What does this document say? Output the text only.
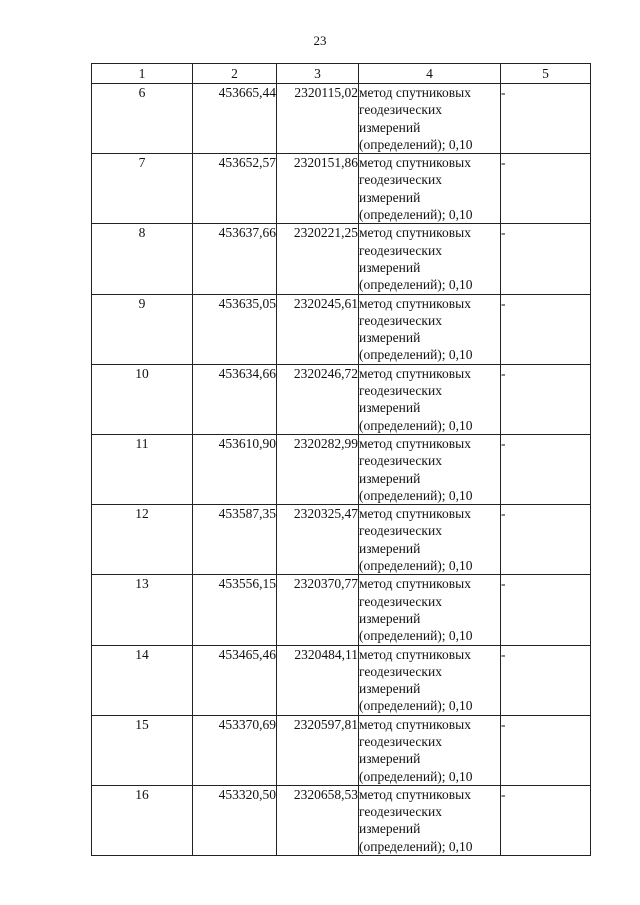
23
1	2	3	4	5
6	453665,44	2320115,02	метод спутниковых
геодезических
измерений
(определений); 0,10	-
7	453652,57	2320151,86	метод спутниковых
геодезических
измерений
(определений); 0,10	-
8	453637,66	2320221,25	метод спутниковых
геодезических
измерений
(определений); 0,10	-
9	453635,05	2320245,61	метод спутниковых
геодезических
измерений
(определений); 0,10	-
10	453634,66	2320246,72	метод спутниковых
геодезических
измерений
(определений); 0,10	-
11	453610,90	2320282,99	метод спутниковых
геодезических
измерений
(определений); 0,10	-
12	453587,35	2320325,47	метод спутниковых
геодезических
измерений
(определений); 0,10	-
13	453556,15	2320370,77	метод спутниковых
геодезических
измерений
(определений); 0,10	-
14	453465,46	2320484,11	метод спутниковых
геодезических
измерений
(определений); 0,10	-
15	453370,69	2320597,81	метод спутниковых
геодезических
измерений
(определений); 0,10	-
16	453320,50	2320658,53	метод спутниковых
геодезических
измерений
(определений); 0,10	-
